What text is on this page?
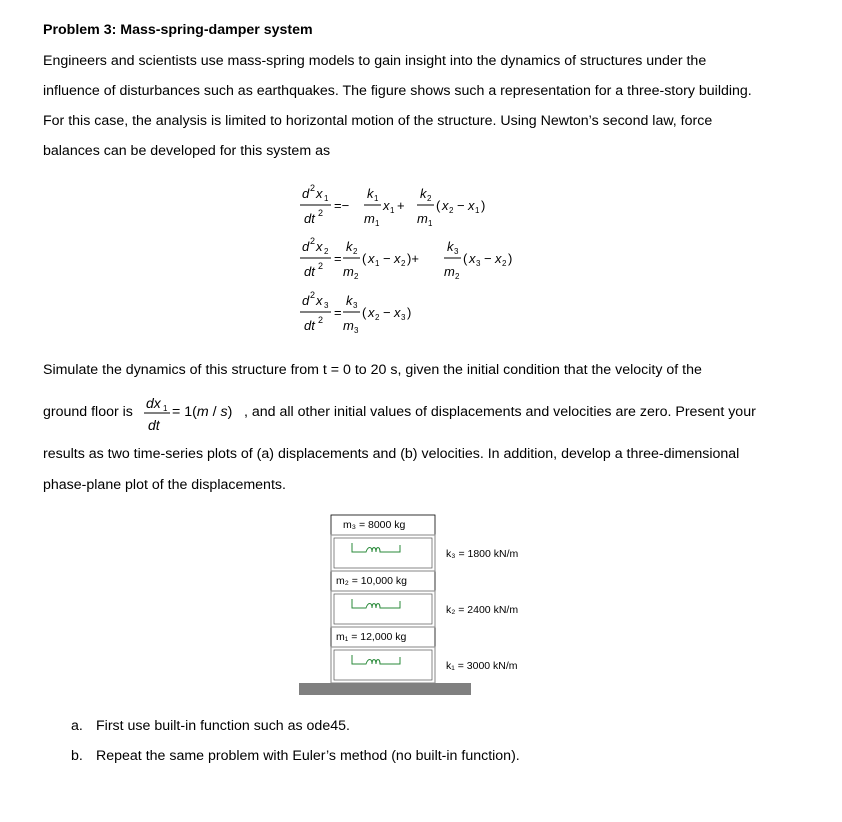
Problem 3: Mass-spring-damper system
Engineers and scientists use mass-spring models to gain insight into the dynamics of structures under the
influence of disturbances such as earthquakes. The figure shows such a representation for a three-story building.
For this case, the analysis is limited to horizontal motion of the structure. Using Newton’s second law, force
balances can be developed for this system as
d 2 x 1
dt 2 =−
k 1
m 1
x 1 +
k 2
m 1
( x 2 − x 1 )
d 2 x 2
dt 2 =
k 2
m 2
( x 1 − x 2 )+
k 3
m 2
( x 3 − x 2 )
d 2 x 3
dt 2 =
k 3
m 3
( x 2 − x 3 )
dx 1
dt
Simulate the dynamics of this structure from t = 0 to 20 s, given the initial condition that the velocity of the
ground floor is	= 1(m / s) , and all other initial values of displacements and velocities are zero. Present your
results as two time-series plots of (a) displacements and (b) velocities. In addition, develop a three-dimensional
phase-plane plot of the displacements.
m₃ = 8000 kg
m₂ = 10,000 kg
m₁ = 12,000 kg
k₃ = 1800 kN/m
k₂ = 2400 kN/m
k₁ = 3000 kN/m
a. First use built-in function such as ode45.
b. Repeat the same problem with Euler’s method (no built-in function).
